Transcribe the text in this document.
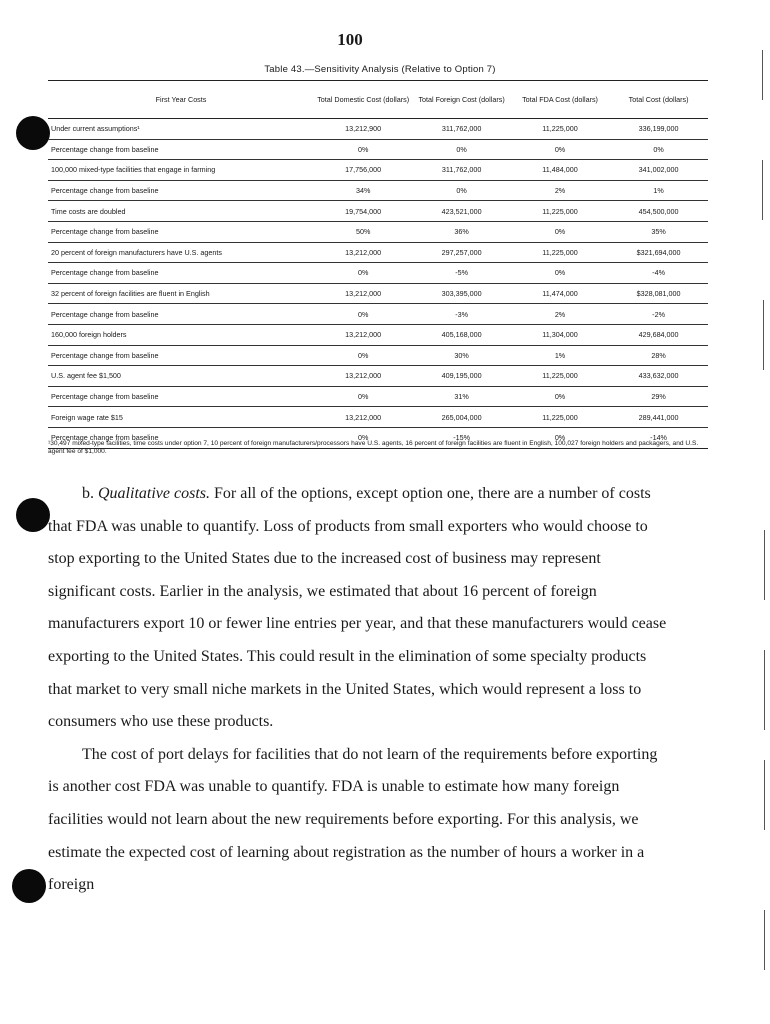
100
Table 43.—Sensitivity Analysis (Relative to Option 7)
First Year Costs	Total Domestic Cost (dollars)	Total Foreign Cost (dollars)	Total FDA Cost (dollars)	Total Cost (dollars)
Under current assumptions¹	13,212,900	311,762,000	11,225,000	336,199,000
Percentage change from baseline	0%	0%	0%	0%
100,000 mixed-type facilities that engage in farming	17,756,000	311,762,000	11,484,000	341,002,000
Percentage change from baseline	34%	0%	2%	1%
Time costs are doubled	19,754,000	423,521,000	11,225,000	454,500,000
Percentage change from baseline	50%	36%	0%	35%
20 percent of foreign manufacturers have U.S. agents	13,212,000	297,257,000	11,225,000	$321,694,000
Percentage change from baseline	0%	-5%	0%	-4%
32 percent of foreign facilities are fluent in English	13,212,000	303,395,000	11,474,000	$328,081,000
Percentage change from baseline	0%	-3%	2%	-2%
160,000 foreign holders	13,212,000	405,168,000	11,304,000	429,684,000
Percentage change from baseline	0%	30%	1%	28%
U.S. agent fee $1,500	13,212,000	409,195,000	11,225,000	433,632,000
Percentage change from baseline	0%	31%	0%	29%
Foreign wage rate $15	13,212,000	265,004,000	11,225,000	289,441,000
Percentage change from baseline	0%	-15%	0%	-14%
¹30,497 mixed-type facilities, time costs under option 7, 10 percent of foreign manufacturers/processors have U.S. agents, 16 percent of foreign facilities are fluent in English, 100,027 foreign holders and packagers, and U.S. agent fee of $1,000.

b. Qualitative costs. For all of the options, except option one, there are a number of costs that FDA was unable to quantify. Loss of products from small exporters who would choose to stop exporting to the United States due to the increased cost of business may represent significant costs. Earlier in the analysis, we estimated that about 16 percent of foreign manufacturers export 10 or fewer line entries per year, and that these manufacturers would cease exporting to the United States. This could result in the elimination of some specialty products that market to very small niche markets in the United States, which would represent a loss to consumers who use these products.

The cost of port delays for facilities that do not learn of the requirements before exporting is another cost FDA was unable to quantify. FDA is unable to estimate how many foreign facilities would not learn about the new requirements before exporting. For this analysis, we estimate the expected cost of learning about registration as the number of hours a worker in a foreign
